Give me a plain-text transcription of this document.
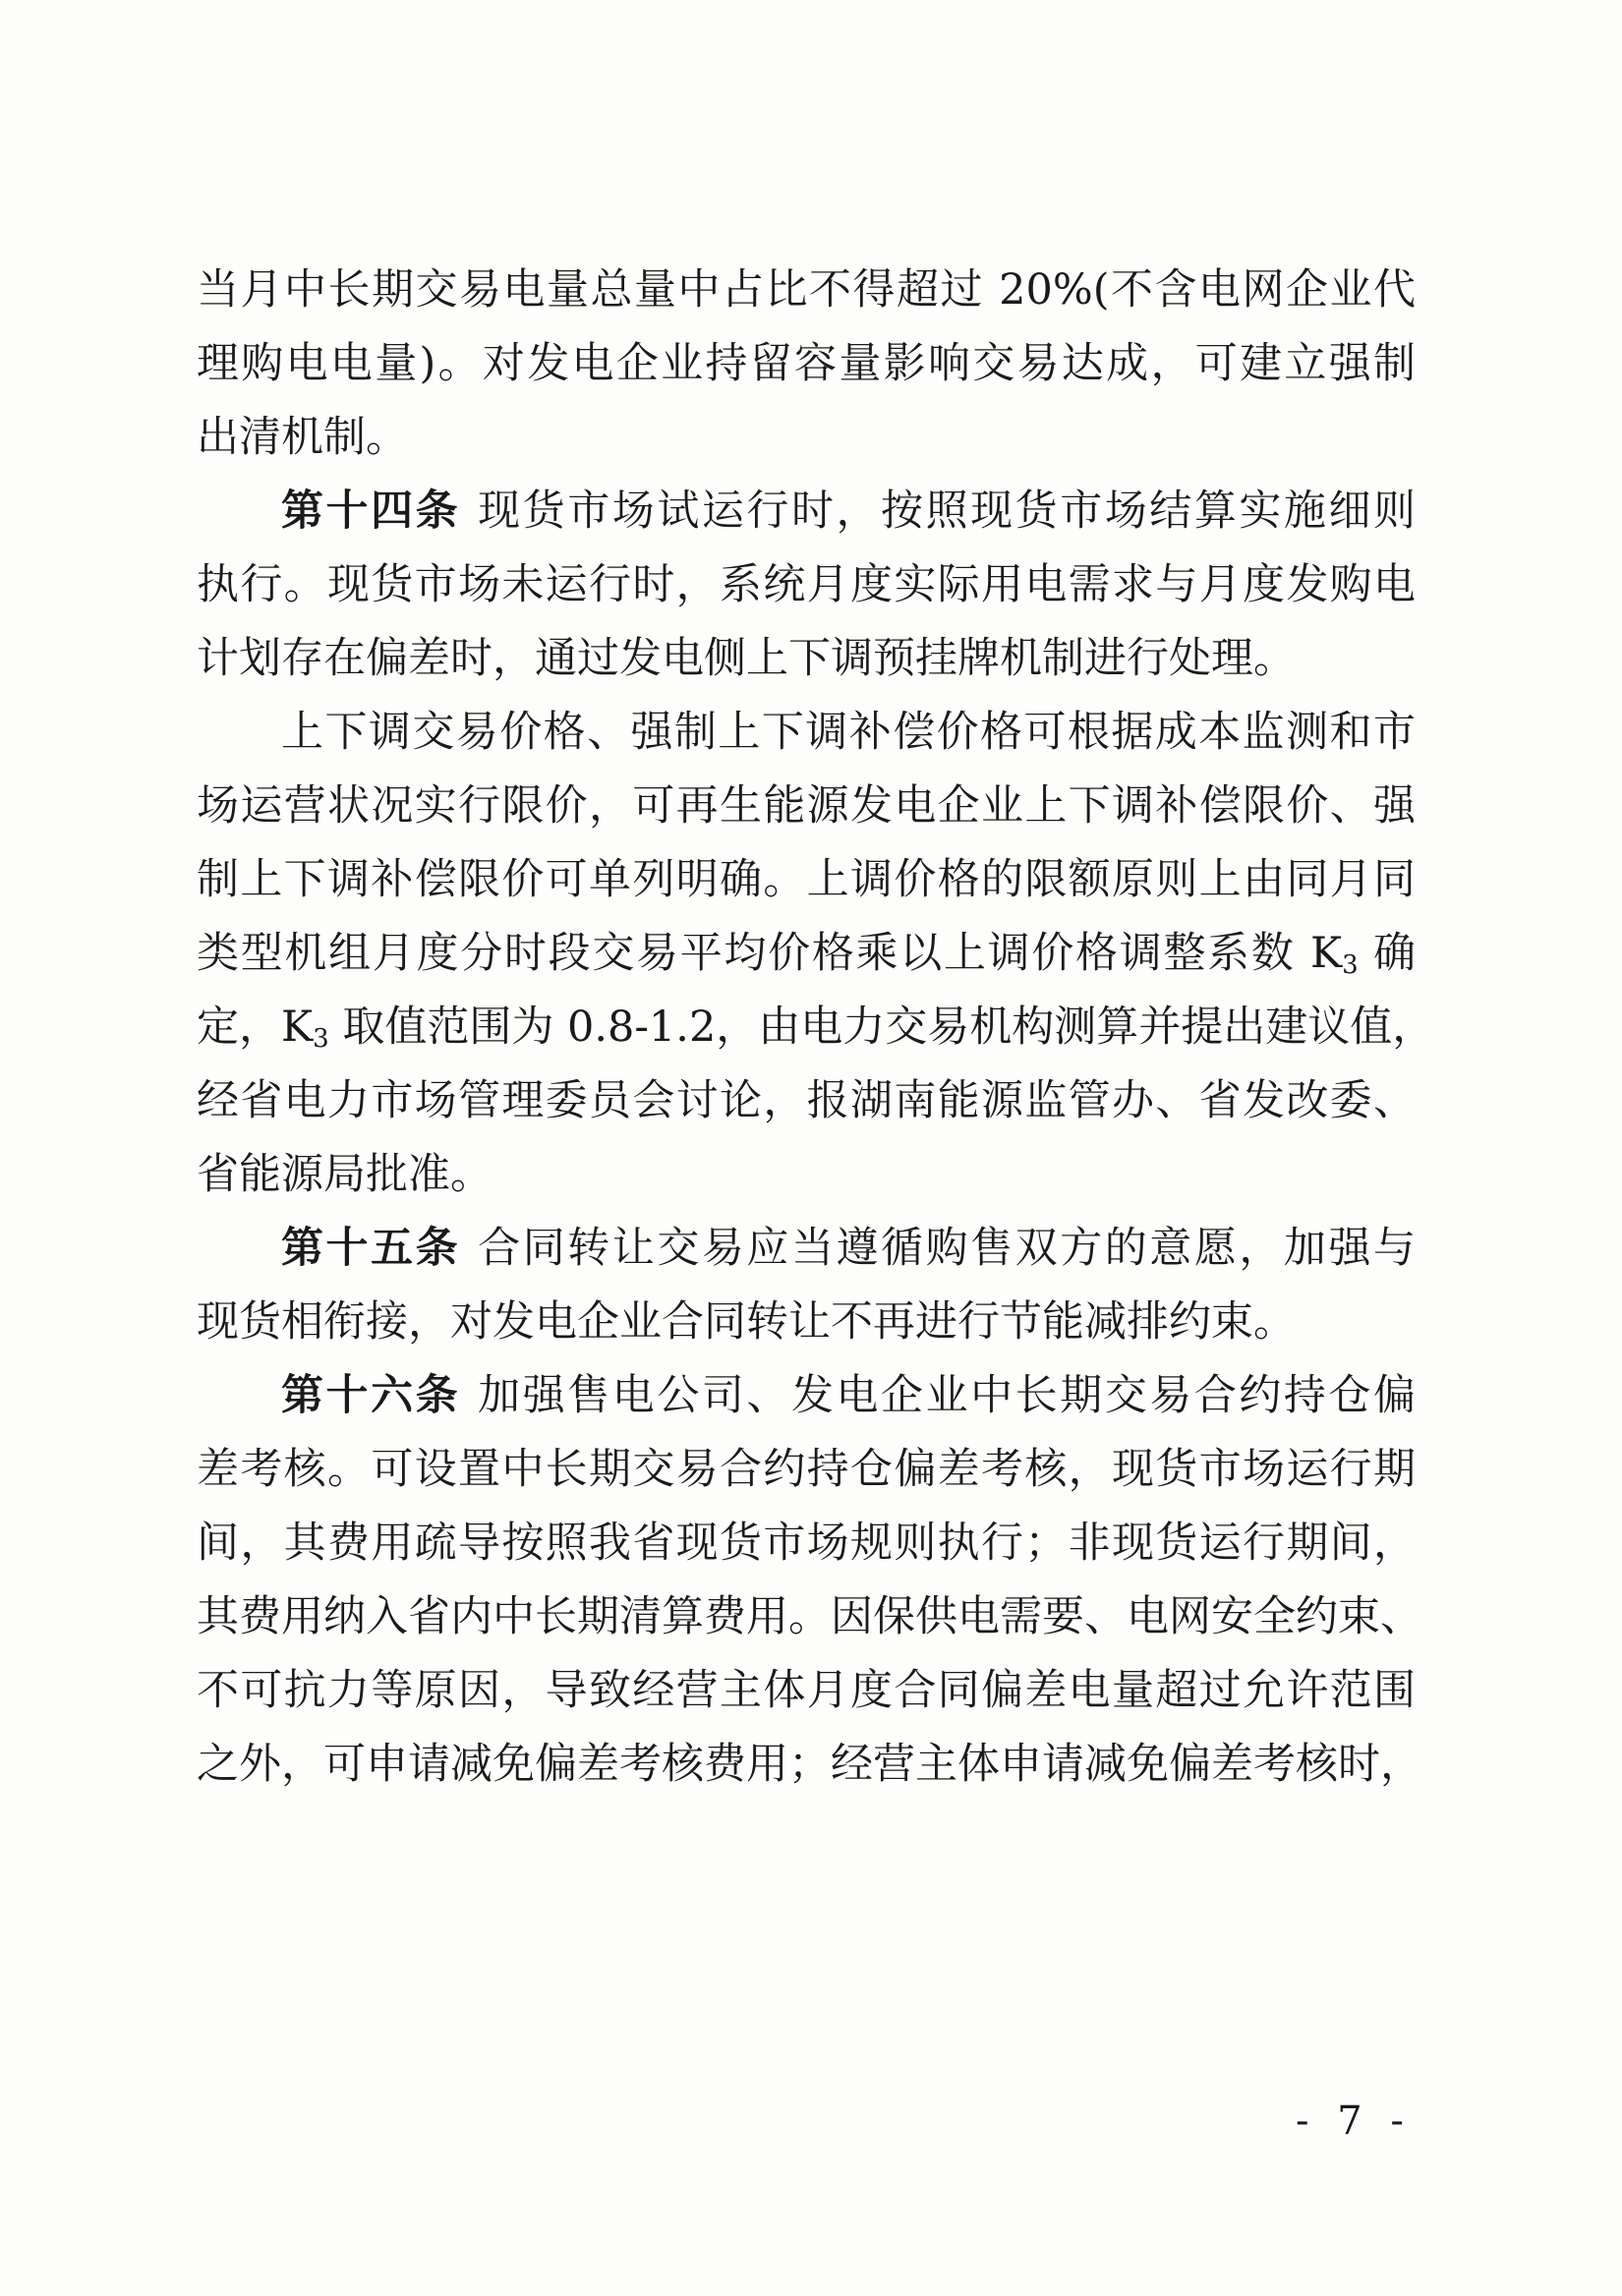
当月中长期交易电量总量中占比不得超过 20%(不含电网企业代
理购电电量)。对发电企业持留容量影响交易达成，可建立强制
出清机制。
第十四条 现货市场试运行时，按照现货市场结算实施细则
执行。现货市场未运行时，系统月度实际用电需求与月度发购电
计划存在偏差时，通过发电侧上下调预挂牌机制进行处理。
上下调交易价格、强制上下调补偿价格可根据成本监测和市
场运营状况实行限价，可再生能源发电企业上下调补偿限价、强
制上下调补偿限价可单列明确。上调价格的限额原则上由同月同
类型机组月度分时段交易平均价格乘以上调价格调整系数 $K_3$ 确
定，$K_3$ 取值范围为 0.8-1.2，由电力交易机构测算并提出建议值，
经省电力市场管理委员会讨论，报湖南能源监管办、省发改委、
省能源局批准。
第十五条 合同转让交易应当遵循购售双方的意愿，加强与
现货相衔接，对发电企业合同转让不再进行节能减排约束。
第十六条 加强售电公司、发电企业中长期交易合约持仓偏
差考核。可设置中长期交易合约持仓偏差考核，现货市场运行期
间，其费用疏导按照我省现货市场规则执行；非现货运行期间，
其费用纳入省内中长期清算费用。因保供电需要、电网安全约束、
不可抗力等原因，导致经营主体月度合同偏差电量超过允许范围
之外，可申请减免偏差考核费用；经营主体申请减免偏差考核时，
- 7 -
